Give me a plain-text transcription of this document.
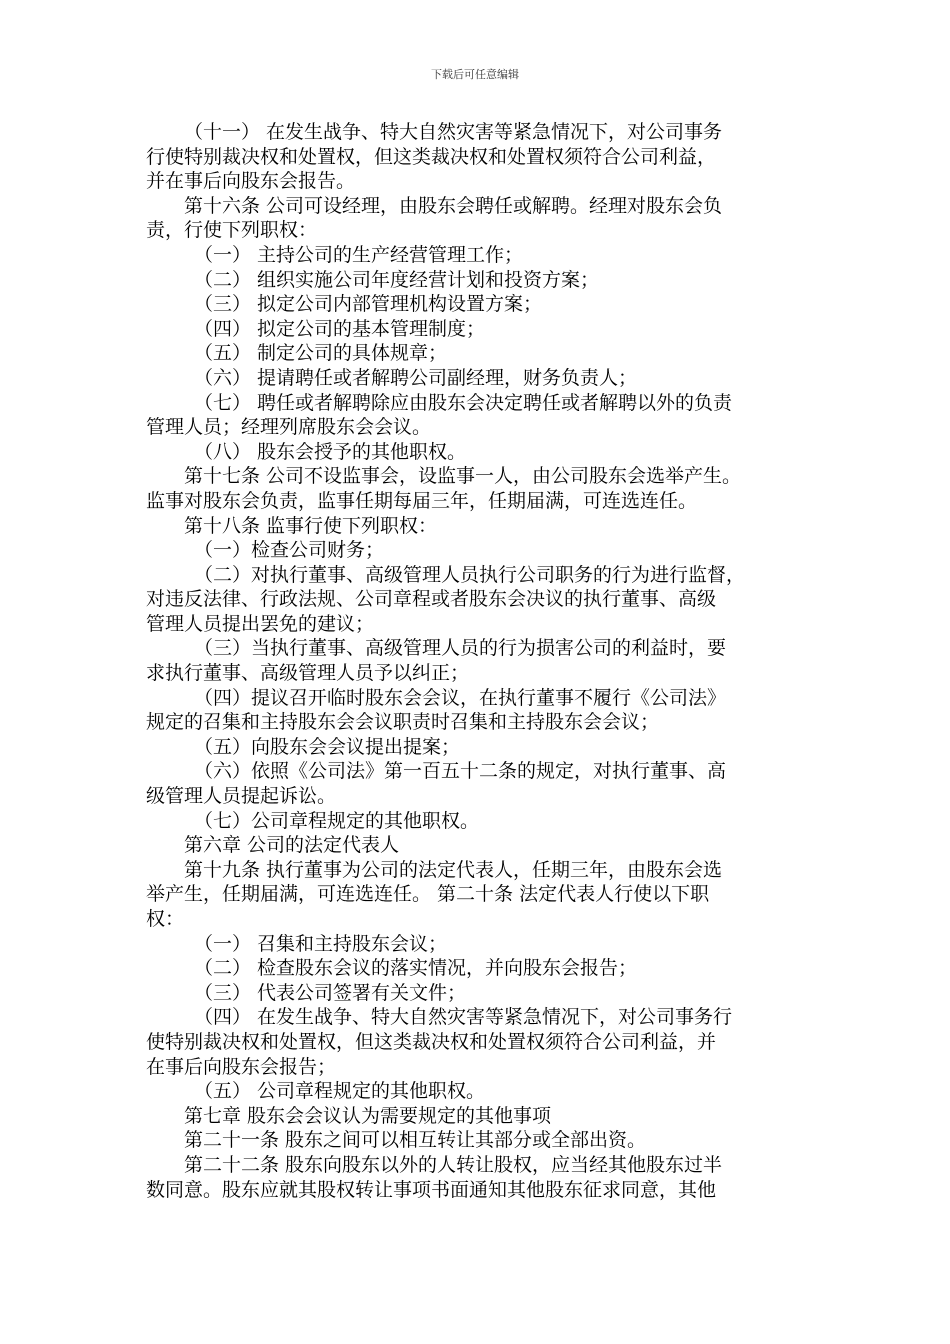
下载后可任意编辑
（十一） 在发生战争、特大自然灾害等紧急情况下，对公司事务
行使特别裁决权和处置权，但这类裁决权和处置权须符合公司利益，
并在事后向股东会报告。
第十六条 公司可设经理，由股东会聘任或解聘。经理对股东会负
责，行使下列职权：
（一） 主持公司的生产经营管理工作；
（二） 组织实施公司年度经营计划和投资方案；
（三） 拟定公司内部管理机构设置方案；
（四） 拟定公司的基本管理制度；
（五） 制定公司的具体规章；
（六） 提请聘任或者解聘公司副经理，财务负责人；
（七） 聘任或者解聘除应由股东会决定聘任或者解聘以外的负责
管理人员；经理列席股东会会议。
（八） 股东会授予的其他职权。
第十七条 公司不设监事会，设监事一人，由公司股东会选举产生。
监事对股东会负责，监事任期每届三年，任期届满，可连选连任。
第十八条 监事行使下列职权：
（一）检查公司财务；
（二）对执行董事、高级管理人员执行公司职务的行为进行监督，
对违反法律、行政法规、公司章程或者股东会决议的执行董事、高级
管理人员提出罢免的建议；
（三）当执行董事、高级管理人员的行为损害公司的利益时，要
求执行董事、高级管理人员予以纠正；
（四）提议召开临时股东会会议，在执行董事不履行《公司法》
规定的召集和主持股东会会议职责时召集和主持股东会会议；
（五）向股东会会议提出提案；
（六）依照《公司法》第一百五十二条的规定，对执行董事、高
级管理人员提起诉讼。
（七）公司章程规定的其他职权。
第六章 公司的法定代表人
第十九条 执行董事为公司的法定代表人，任期三年，由股东会选
举产生，任期届满，可连选连任。 第二十条 法定代表人行使以下职
权：
（一） 召集和主持股东会议；
（二） 检查股东会议的落实情况，并向股东会报告；
（三） 代表公司签署有关文件；
（四） 在发生战争、特大自然灾害等紧急情况下，对公司事务行
使特别裁决权和处置权，但这类裁决权和处置权须符合公司利益，并
在事后向股东会报告；
（五） 公司章程规定的其他职权。
第七章 股东会会议认为需要规定的其他事项
第二十一条 股东之间可以相互转让其部分或全部出资。
第二十二条 股东向股东以外的人转让股权，应当经其他股东过半
数同意。股东应就其股权转让事项书面通知其他股东征求同意，其他
